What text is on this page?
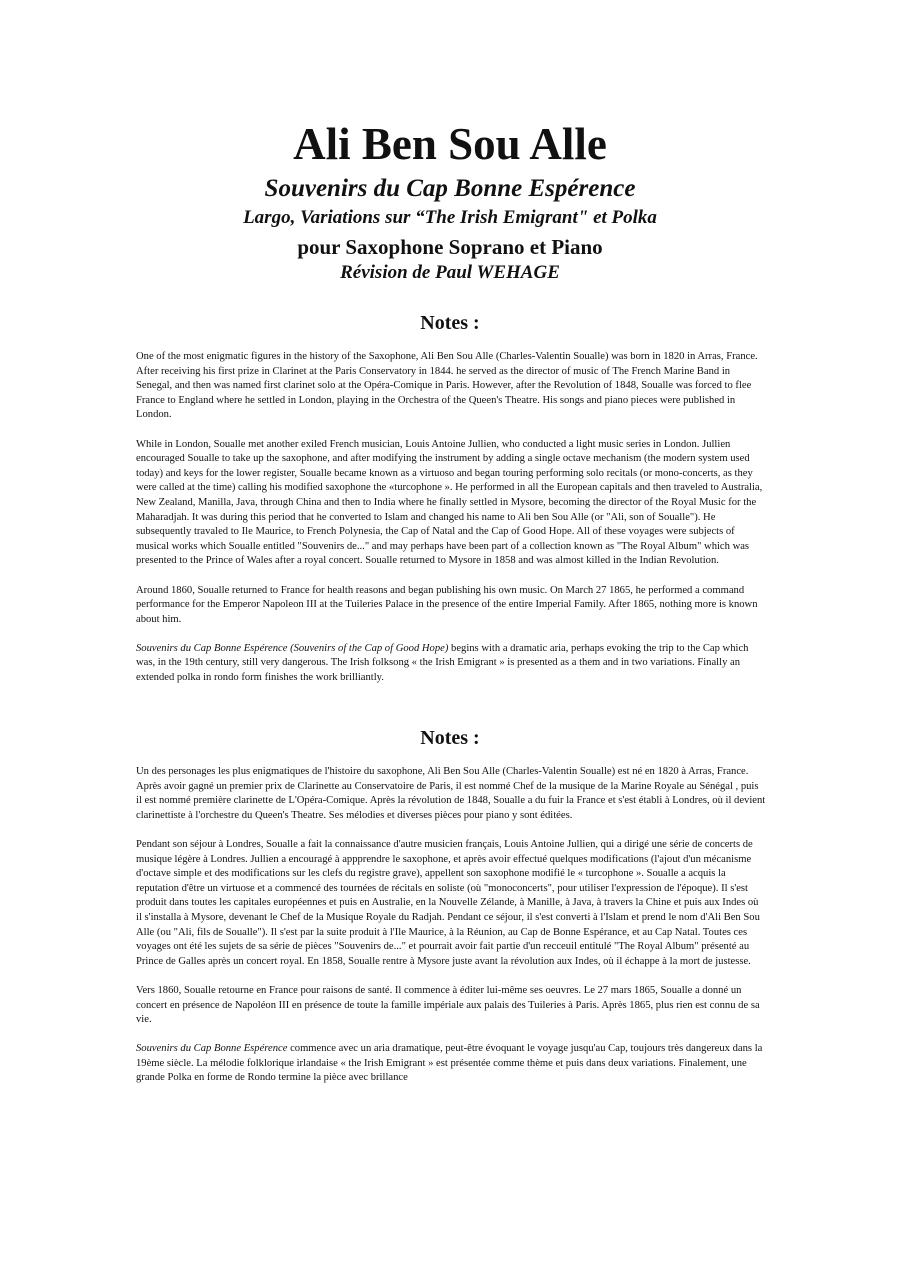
Ali Ben Sou Alle
Souvenirs du Cap Bonne Espérence
Largo, Variations sur “The Irish Emigrant" et Polka
pour Saxophone Soprano et Piano
Révision de Paul WEHAGE
Notes :

One of the most enigmatic figures in the history of the Saxophone, Ali Ben Sou Alle (Charles-Valentin Soualle) was born in 1820 in Arras, France. After receiving his first prize in Clarinet at the Paris Conservatory in 1844. he served as the director of music of The French Marine Band in Senegal, and then was named first clarinet solo at the Opéra-Comique in Paris. However, after the Revolution of 1848, Soualle was forced to flee France to England where he settled in London, playing in the Orchestra of the Queen's Theatre. His songs and piano pieces were published in London.

While in London, Soualle met another exiled French musician, Louis Antoine Jullien, who conducted a light music series in London. Jullien encouraged Soualle to take up the saxophone, and after modifying the instrument by adding a single octave mechanism (the modern system used today) and keys for the lower register, Soualle became known as a virtuoso and began touring performing solo recitals (or mono-concerts, as they were called at the time) calling his modified saxophone the «turcophone ». He performed in all the European capitals and then traveled to Australia, New Zealand, Manilla, Java, through China and then to India where he finally settled in Mysore, becoming the director of the Royal Music for the Maharadjah. It was during this period that he converted to Islam and changed his name to Ali ben Sou Alle (or "Ali, son of Soualle"). He subsequently travaled to Ile Maurice, to French Polynesia, the Cap of Natal and the Cap of Good Hope. All of these voyages were subjects of musical works which Soualle entitled "Souvenirs de..." and may perhaps have been part of a collection known as "The Royal Album" which was presented to the Prince of Wales after a royal concert. Soualle returned to Mysore in 1858 and was almost killed in the Indian Revolution.

Around 1860, Soualle returned to France for health reasons and began publishing his own music. On March 27 1865, he performed a command performance for the Emperor Napoleon III at the Tuileries Palace in the presence of the entire Imperial Family. After 1865, nothing more is known about him.

Souvenirs du Cap Bonne Espérence (Souvenirs of the Cap of Good Hope) begins with a dramatic aria, perhaps evoking the trip to the Cap which was, in the 19th century, still very dangerous. The Irish folksong « the Irish Emigrant » is presented as a them and in two variations. Finally an extended polka in rondo form finishes the work brilliantly.

Notes :

Un des personages les plus enigmatiques de l'histoire du saxophone, Ali Ben Sou Alle (Charles-Valentin Soualle) est né en 1820 à Arras, France. Après avoir gagné un premier prix de Clarinette au Conservatoire de Paris, il est nommé Chef de la musique de la Marine Royale au Sénégal , puis il est nommé première clarinette de L'Opéra-Comique. Après la révolution de 1848, Soualle a du fuir la France et s'est établi à Londres, où il devient clarinettiste à l'orchestre du Queen's Theatre. Ses mélodies et diverses pièces pour piano y sont éditées.

Pendant son séjour à Londres, Soualle a fait la connaissance d'autre musicien français, Louis Antoine Jullien, qui a dirigé une série de concerts de musique légère à Londres. Jullien a encouragé à appprendre le saxophone, et après avoir effectué quelques modifications (l'ajout d'un mécanisme d'octave simple et des modifications sur les clefs du registre grave), appellent son saxophone modifié le « turcophone ». Soualle a acquis la reputation d'être un virtuose et a commencé des tournées de récitals en soliste (où "monoconcerts", pour utiliser l'expression de l'époque). Il s'est produit dans toutes les capitales européennes et puis en Australie, en la Nouvelle Zélande, à Manille, à Java, à travers la Chine et puis aux Indes où il s'installa à Mysore, devenant le Chef de la Musique Royale du Radjah. Pendant ce séjour, il s'est converti à l'Islam et prend le nom d'Ali Ben Sou Alle (ou "Ali, fils de Soualle"). Il s'est par la suite produit à l'Ile Maurice, à la Réunion, au Cap de Bonne Espérance, et au Cap Natal. Toutes ces voyages ont été les sujets de sa série de pièces "Souvenirs de..." et pourrait avoir fait partie d'un recceuil entitulé "The Royal Album" présenté au Prince de Galles après un concert royal. En 1858, Soualle rentre à Mysore juste avant la révolution aux Indes, où il échappe à la mort de justesse.

Vers 1860, Soualle retourne en France pour raisons de santé. Il commence à éditer lui-même ses oeuvres. Le 27 mars 1865, Soualle a donné un concert en présence de Napoléon III en présence de toute la famille impériale aux palais des Tuileries à Paris. Après 1865, plus rien est connu de sa vie.

Souvenirs du Cap Bonne Espérence commence avec un aria dramatique, peut-être évoquant le voyage jusqu'au Cap, toujours très dangereux dans la 19ème siècle. La mélodie folklorique irlandaise « the Irish Emigrant » est présentée comme thème et puis dans deux variations. Finalement, une grande Polka en forme de Rondo termine la pièce avec brillance
